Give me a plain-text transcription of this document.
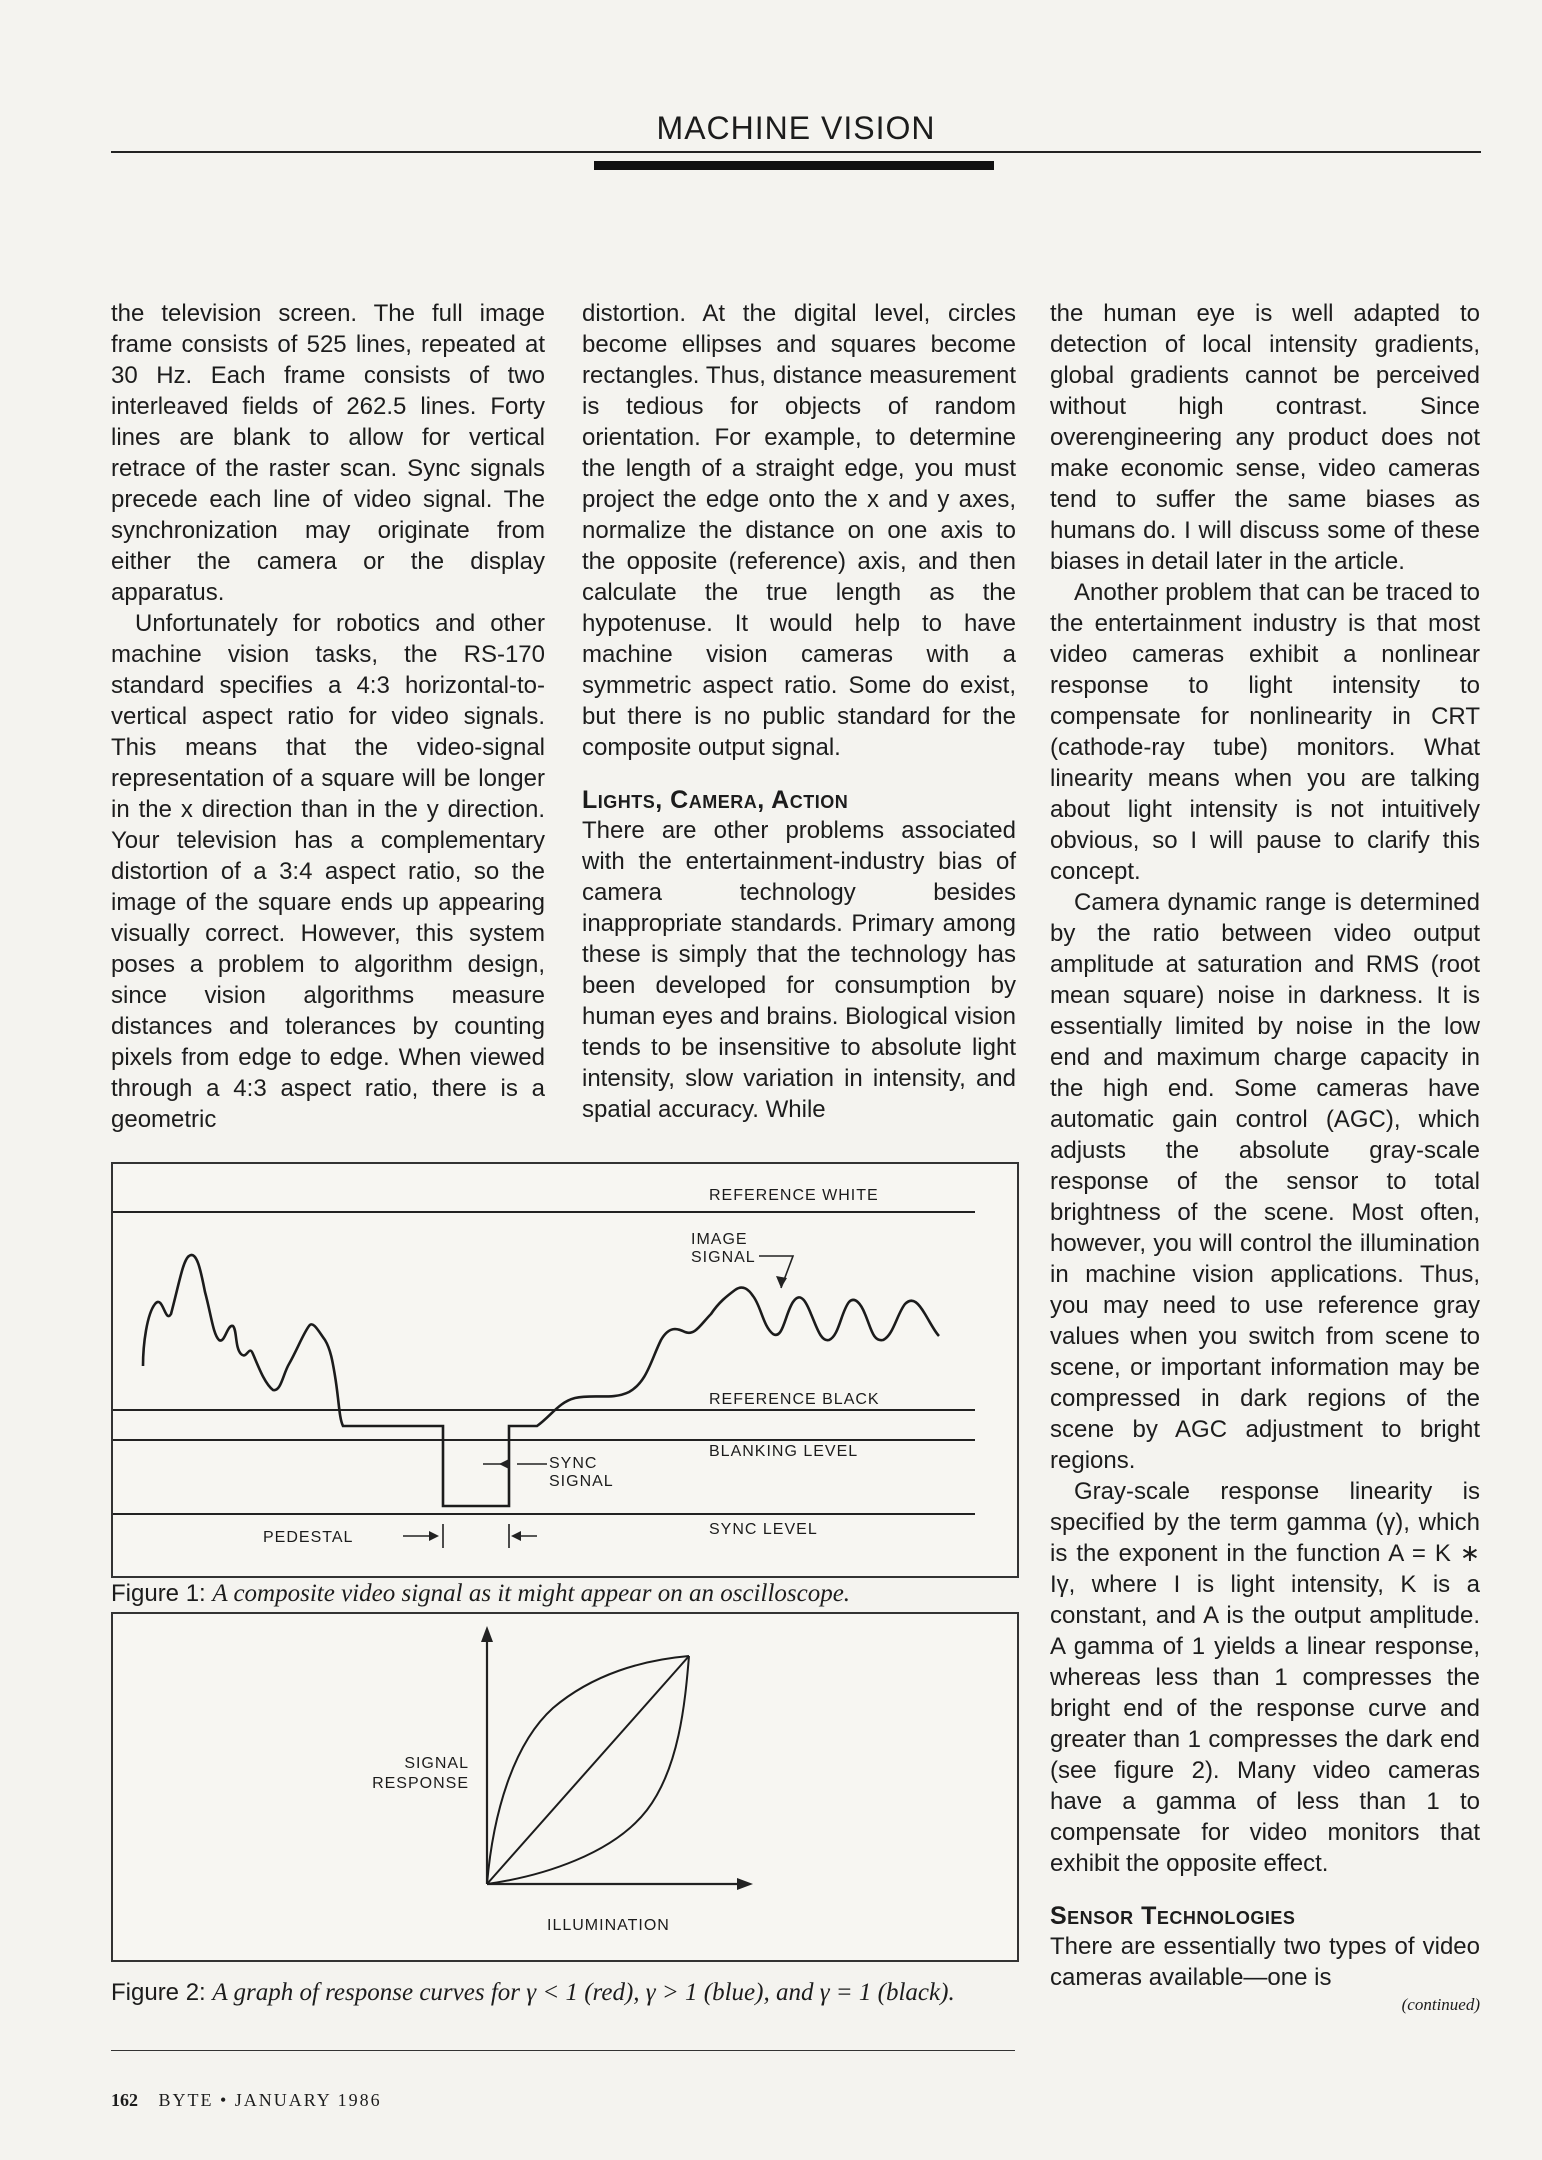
MACHINE VISION

the television screen. The full image frame consists of 525 lines, repeated at 30 Hz. Each frame consists of two interleaved fields of 262.5 lines. Forty lines are blank to allow for vertical retrace of the raster scan. Sync signals precede each line of video signal. The synchronization may originate from either the camera or the display apparatus.

Unfortunately for robotics and other machine vision tasks, the RS-170 standard specifies a 4:3 horizontal-to-vertical aspect ratio for video signals. This means that the video-signal representation of a square will be longer in the x direction than in the y direction. Your television has a complementary distortion of a 3:4 aspect ratio, so the image of the square ends up appearing visually correct. However, this system poses a problem to algorithm design, since vision algorithms measure distances and tolerances by counting pixels from edge to edge. When viewed through a 4:3 aspect ratio, there is a geometric

distortion. At the digital level, circles become ellipses and squares become rectangles. Thus, distance measurement is tedious for objects of random orientation. For example, to determine the length of a straight edge, you must project the edge onto the x and y axes, normalize the distance on one axis to the opposite (reference) axis, and then calculate the true length as the hypotenuse. It would help to have machine vision cameras with a symmetric aspect ratio. Some do exist, but there is no public standard for the composite output signal.

Lights, Camera, Action

There are other problems associated with the entertainment-industry bias of camera technology besides inappropriate standards. Primary among these is simply that the technology has been developed for consumption by human eyes and brains. Biological vision tends to be insensitive to absolute light intensity, slow variation in intensity, and spatial accuracy. While

the human eye is well adapted to detection of local intensity gradients, global gradients cannot be perceived without high contrast. Since overengineering any product does not make economic sense, video cameras tend to suffer the same biases as humans do. I will discuss some of these biases in detail later in the article.

Another problem that can be traced to the entertainment industry is that most video cameras exhibit a nonlinear response to light intensity to compensate for nonlinearity in CRT (cathode-ray tube) monitors. What linearity means when you are talking about light intensity is not intuitively obvious, so I will pause to clarify this concept.

Camera dynamic range is determined by the ratio between video output amplitude at saturation and RMS (root mean square) noise in darkness. It is essentially limited by noise in the low end and maximum charge capacity in the high end. Some cameras have automatic gain control (AGC), which adjusts the absolute gray-scale response of the sensor to total brightness of the scene. Most often, however, you will control the illumination in machine vision applications. Thus, you may need to use reference gray values when you switch from scene to scene, or important information may be compressed in dark regions of the scene by AGC adjustment to bright regions.

Gray-scale response linearity is specified by the term gamma (γ), which is the exponent in the function A = K ∗ Iγ, where I is light intensity, K is a constant, and A is the output amplitude. A gamma of 1 yields a linear response, whereas less than 1 compresses the bright end of the response curve and greater than 1 compresses the dark end (see figure 2). Many video cameras have a gamma of less than 1 to compensate for video monitors that exhibit the opposite effect.

Sensor Technologies

There are essentially two types of video cameras available—one is

(continued)
REFERENCE WHITE
REFERENCE BLACK
BLANKING LEVEL
SYNC LEVEL
IMAGE
SIGNAL
SYNC
SIGNAL
PEDESTAL
Figure 1: A composite video signal as it might appear on an oscilloscope.
SIGNAL
RESPONSE
ILLUMINATION
Figure 2: A graph of response curves for γ < 1 (red), γ > 1 (blue), and γ = 1 (black).
162 BYTE • JANUARY 1986
